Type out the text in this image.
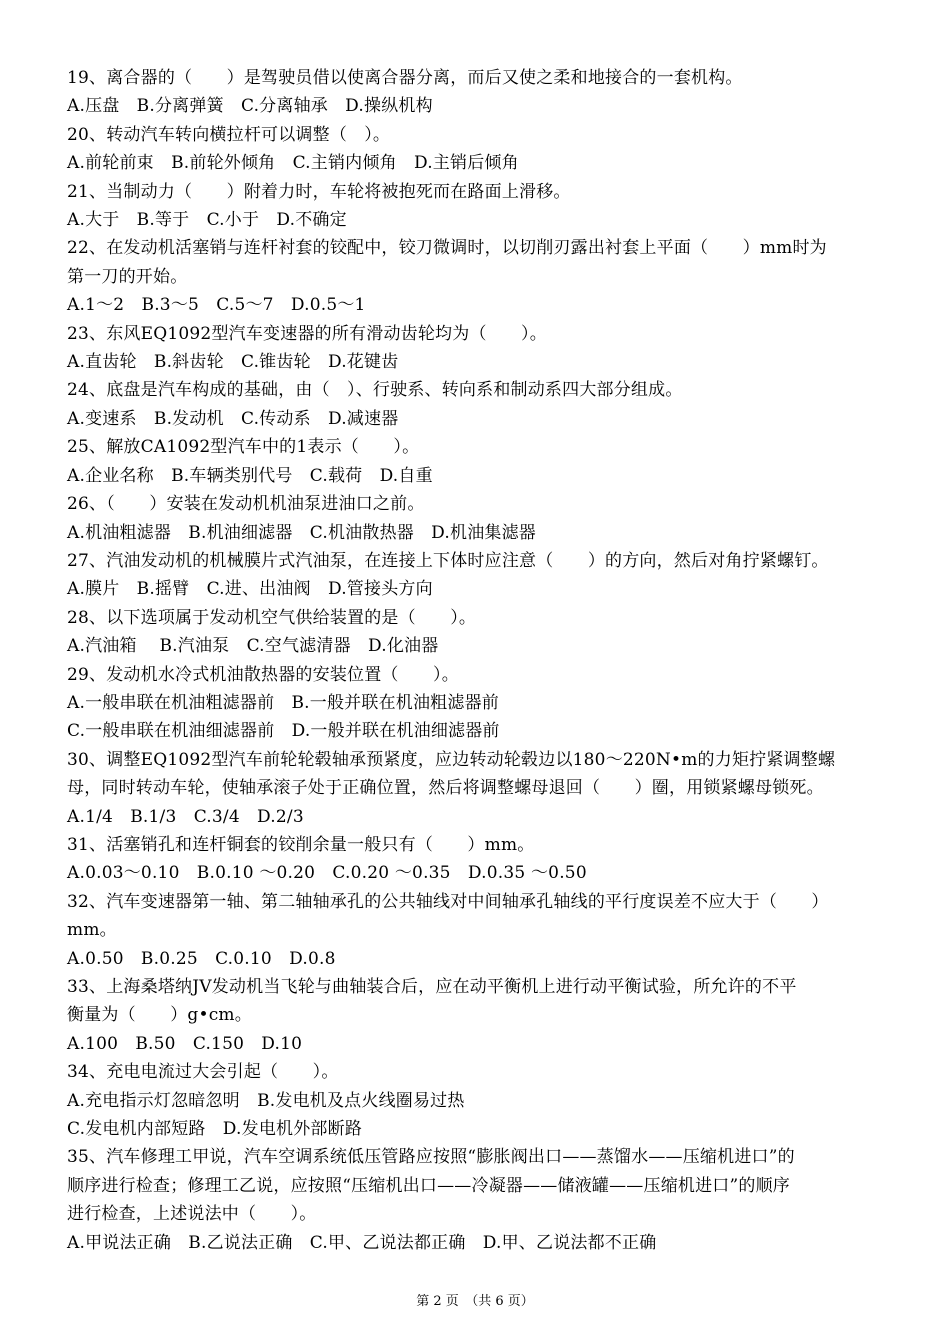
19、离合器的（　　）是驾驶员借以使离合器分离，而后又使之柔和地接合的一套机构。
A.压盘　B.分离弹簧　C.分离轴承　D.操纵机构
20、转动汽车转向横拉杆可以调整（　）。
A.前轮前束　B.前轮外倾角　C.主销内倾角　D.主销后倾角
21、当制动力（　　）附着力时，车轮将被抱死而在路面上滑移。
A.大于　B.等于　C.小于　D.不确定
22、在发动机活塞销与连杆衬套的铰配中，铰刀微调时，以切削刃露出衬套上平面（　　）mm时为
第一刀的开始。
A.1～2　B.3～5　C.5～7　D.0.5～1
23、东风EQ1092型汽车变速器的所有滑动齿轮均为（　　）。
A.直齿轮　B.斜齿轮　C.锥齿轮　D.花键齿
24、底盘是汽车构成的基础，由（　）、行驶系、转向系和制动系四大部分组成。
A.变速系　B.发动机　C.传动系　D.减速器
25、解放CA1092型汽车中的1表示（　　）。
A.企业名称　B.车辆类别代号　C.载荷　D.自重
26、（　　）安装在发动机机油泵进油口之前。
A.机油粗滤器　B.机油细滤器　C.机油散热器　D.机油集滤器
27、汽油发动机的机械膜片式汽油泵，在连接上下体时应注意（　　）的方向，然后对角拧紧螺钉。
A.膜片　B.摇臂　C.进、出油阀　D.管接头方向
28、以下选项属于发动机空气供给装置的是（　　）。
A.汽油箱　 B.汽油泵　C.空气滤清器　D.化油器
29、发动机水冷式机油散热器的安装位置（　　）。
A.一般串联在机油粗滤器前　B.一般并联在机油粗滤器前
C.一般串联在机油细滤器前　D.一般并联在机油细滤器前
30、调整EQ1092型汽车前轮轮毂轴承预紧度，应边转动轮毂边以180～220N•m的力矩拧紧调整螺
母，同时转动车轮，使轴承滚子处于正确位置，然后将调整螺母退回（　　）圈，用锁紧螺母锁死。
A.1/4　B.1/3　C.3/4　D.2/3
31、活塞销孔和连杆铜套的铰削余量一般只有（　　）mm。
A.0.03～0.10　B.0.10 ～0.20　C.0.20 ～0.35　D.0.35 ～0.50
32、汽车变速器第一轴、第二轴轴承孔的公共轴线对中间轴承孔轴线的平行度误差不应大于（　　）
mm。
A.0.50　B.0.25　C.0.10　D.0.8
33、上海桑塔纳JV发动机当飞轮与曲轴装合后，应在动平衡机上进行动平衡试验，所允许的不平
衡量为（　　）g•cm。
A.100　B.50　C.150　D.10
34、充电电流过大会引起（　　）。
A.充电指示灯忽暗忽明　B.发电机及点火线圈易过热
C.发电机内部短路　D.发电机外部断路
35、汽车修理工甲说，汽车空调系统低压管路应按照“膨胀阀出口——蒸馏水——压缩机进口”的
顺序进行检查；修理工乙说，应按照“压缩机出口——冷凝器——储液罐——压缩机进口”的顺序
进行检查，上述说法中（　　）。
A.甲说法正确　B.乙说法正确　C.甲、乙说法都正确　D.甲、乙说法都不正确
第 2 页　（共 6 页）
